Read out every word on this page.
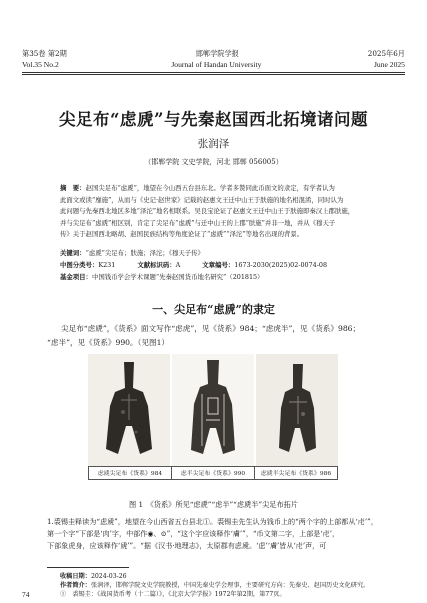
第35卷 第2期	邯郸学院学报	2025年6月
Vol.35 No.2	Journal of Handan University	June 2025
尖足布“虑虒”与先秦赵国西北拓境诸问题
张润泽
（邯郸学院 文史学院，河北 邯郸 056005）
摘　要：赵国尖足布“虑虒”，地望在今山西五台县东北。学者多赞同此币面文的隶定，有学者认为
此面文或读“靡施”，从而与《史记·赵世家》记载的赵惠文王迁中山王于肤施的地名相混淆，同时认为
此问题与先秦西北地区多地“泽沱”地名相联系。吴良宝论证了赵惠文王迁中山王于肤施即秦汉上郡肤施，
并与尖足布“虑虒”相区别，肯定了尖足布“虑虒”与迁中山王的上郡“肤施”并非一地，并从《穆天子
传》关于赵国西北略胡、赵国民族结构等角度论证了“虑虒”“泽沱”等地名出现的背景。
关键词： “虑虒”尖足布；肤施；泽沱；《穆天子传》
中图分类号：K231	文献标识码：A	文章编号：1673-2030(2025)02-0074-08
基金项目： 中国钱币学会学术课题“先秦赵国货币地名研究”（201815）
一、尖足布“虑虒”的隶定
尖足布“虑虒”，《货系》面文写作“虑虎”，见《货系》984；“虑虎半”，见《货系》986；
“虑半”，见《货系》990。（见图1）
虑虒尖足布《货系》984	虑半尖足布《货系》990	虑虒半尖足布《货系》986
图 1　《货系》所见“虑虒”“虑半”“虑虒半”尖足布拓片
1.裘锡圭释读为“虑虒”，地望在今山西省五台县北①。裘锡圭先生认为钱币上的“两个字的上部都从‘虍’”，
第一个字“下部是‘肉’字，中部作◉、⊙”，“这个字应该释作‘膚’”，“币文第二字，上部是‘虍’，
下部象虎身，应该释作‘虒’”。“据《汉书·地理志》，太原郡有虑虒。‘虑’‘膚’皆从‘虍’声，可
收稿日期：2024-03-26
作者简介：张润泽，邯郸学院文史学院教授，中国先秦史学会理事，主要研究方向：先秦史、赵国历史文化研究。
①　裘锡圭：《战国货币考（十二篇）》，《北京大学学报》1972年第2期，第77页。
74
